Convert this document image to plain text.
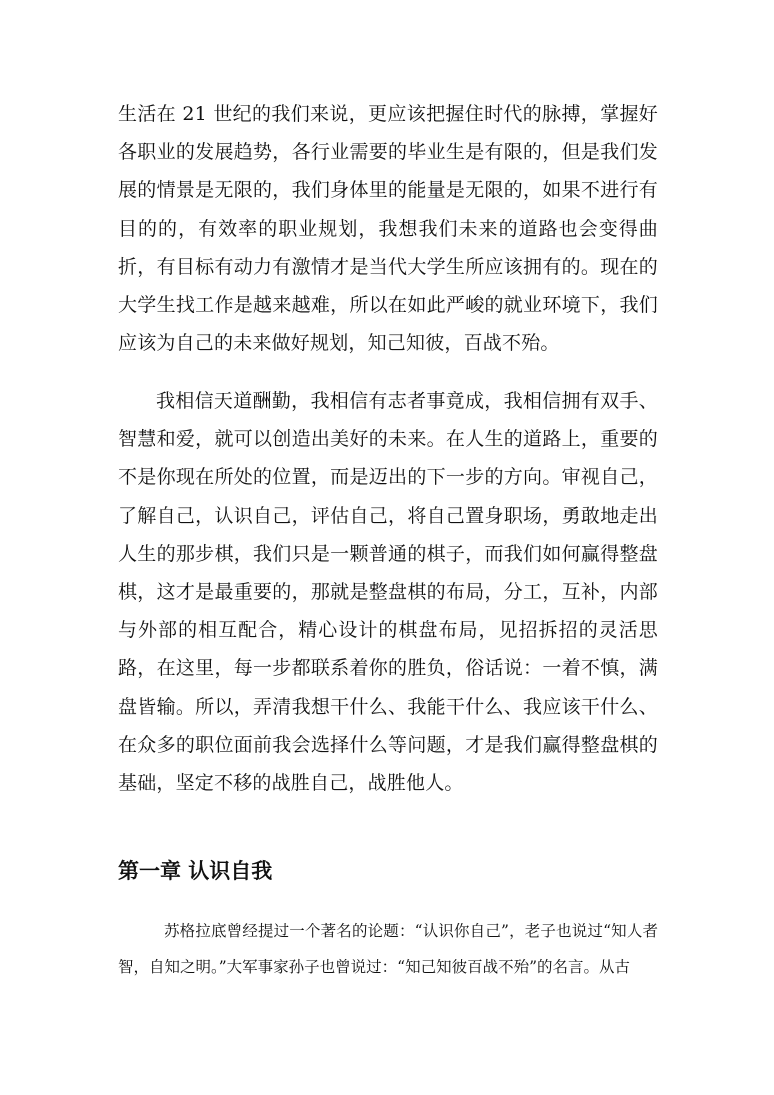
生活在 21 世纪的我们来说，更应该把握住时代的脉搏，掌握好各职业的发展趋势，各行业需要的毕业生是有限的，但是我们发展的情景是无限的，我们身体里的能量是无限的，如果不进行有目的的，有效率的职业规划，我想我们未来的道路也会变得曲折，有目标有动力有激情才是当代大学生所应该拥有的。现在的大学生找工作是越来越难，所以在如此严峻的就业环境下，我们应该为自己的未来做好规划，知己知彼，百战不殆。

我相信天道酬勤，我相信有志者事竟成，我相信拥有双手、智慧和爱，就可以创造出美好的未来。在人生的道路上，重要的不是你现在所处的位置，而是迈出的下一步的方向。审视自己，了解自己，认识自己，评估自己，将自己置身职场，勇敢地走出人生的那步棋，我们只是一颗普通的棋子，而我们如何赢得整盘棋，这才是最重要的，那就是整盘棋的布局，分工，互补，内部与外部的相互配合，精心设计的棋盘布局，见招拆招的灵活思路，在这里，每一步都联系着你的胜负，俗话说：一着不慎，满盘皆输。所以，弄清我想干什么、我能干什么、我应该干什么、在众多的职位面前我会选择什么等问题，才是我们赢得整盘棋的基础，坚定不移的战胜自己，战胜他人。

第一章 认识自我

苏格拉底曾经提过一个著名的论题：“认识你自己”，老子也说过“知人者智，自知之明。”大军事家孙子也曾说过：“知己知彼百战不殆”的名言。从古
